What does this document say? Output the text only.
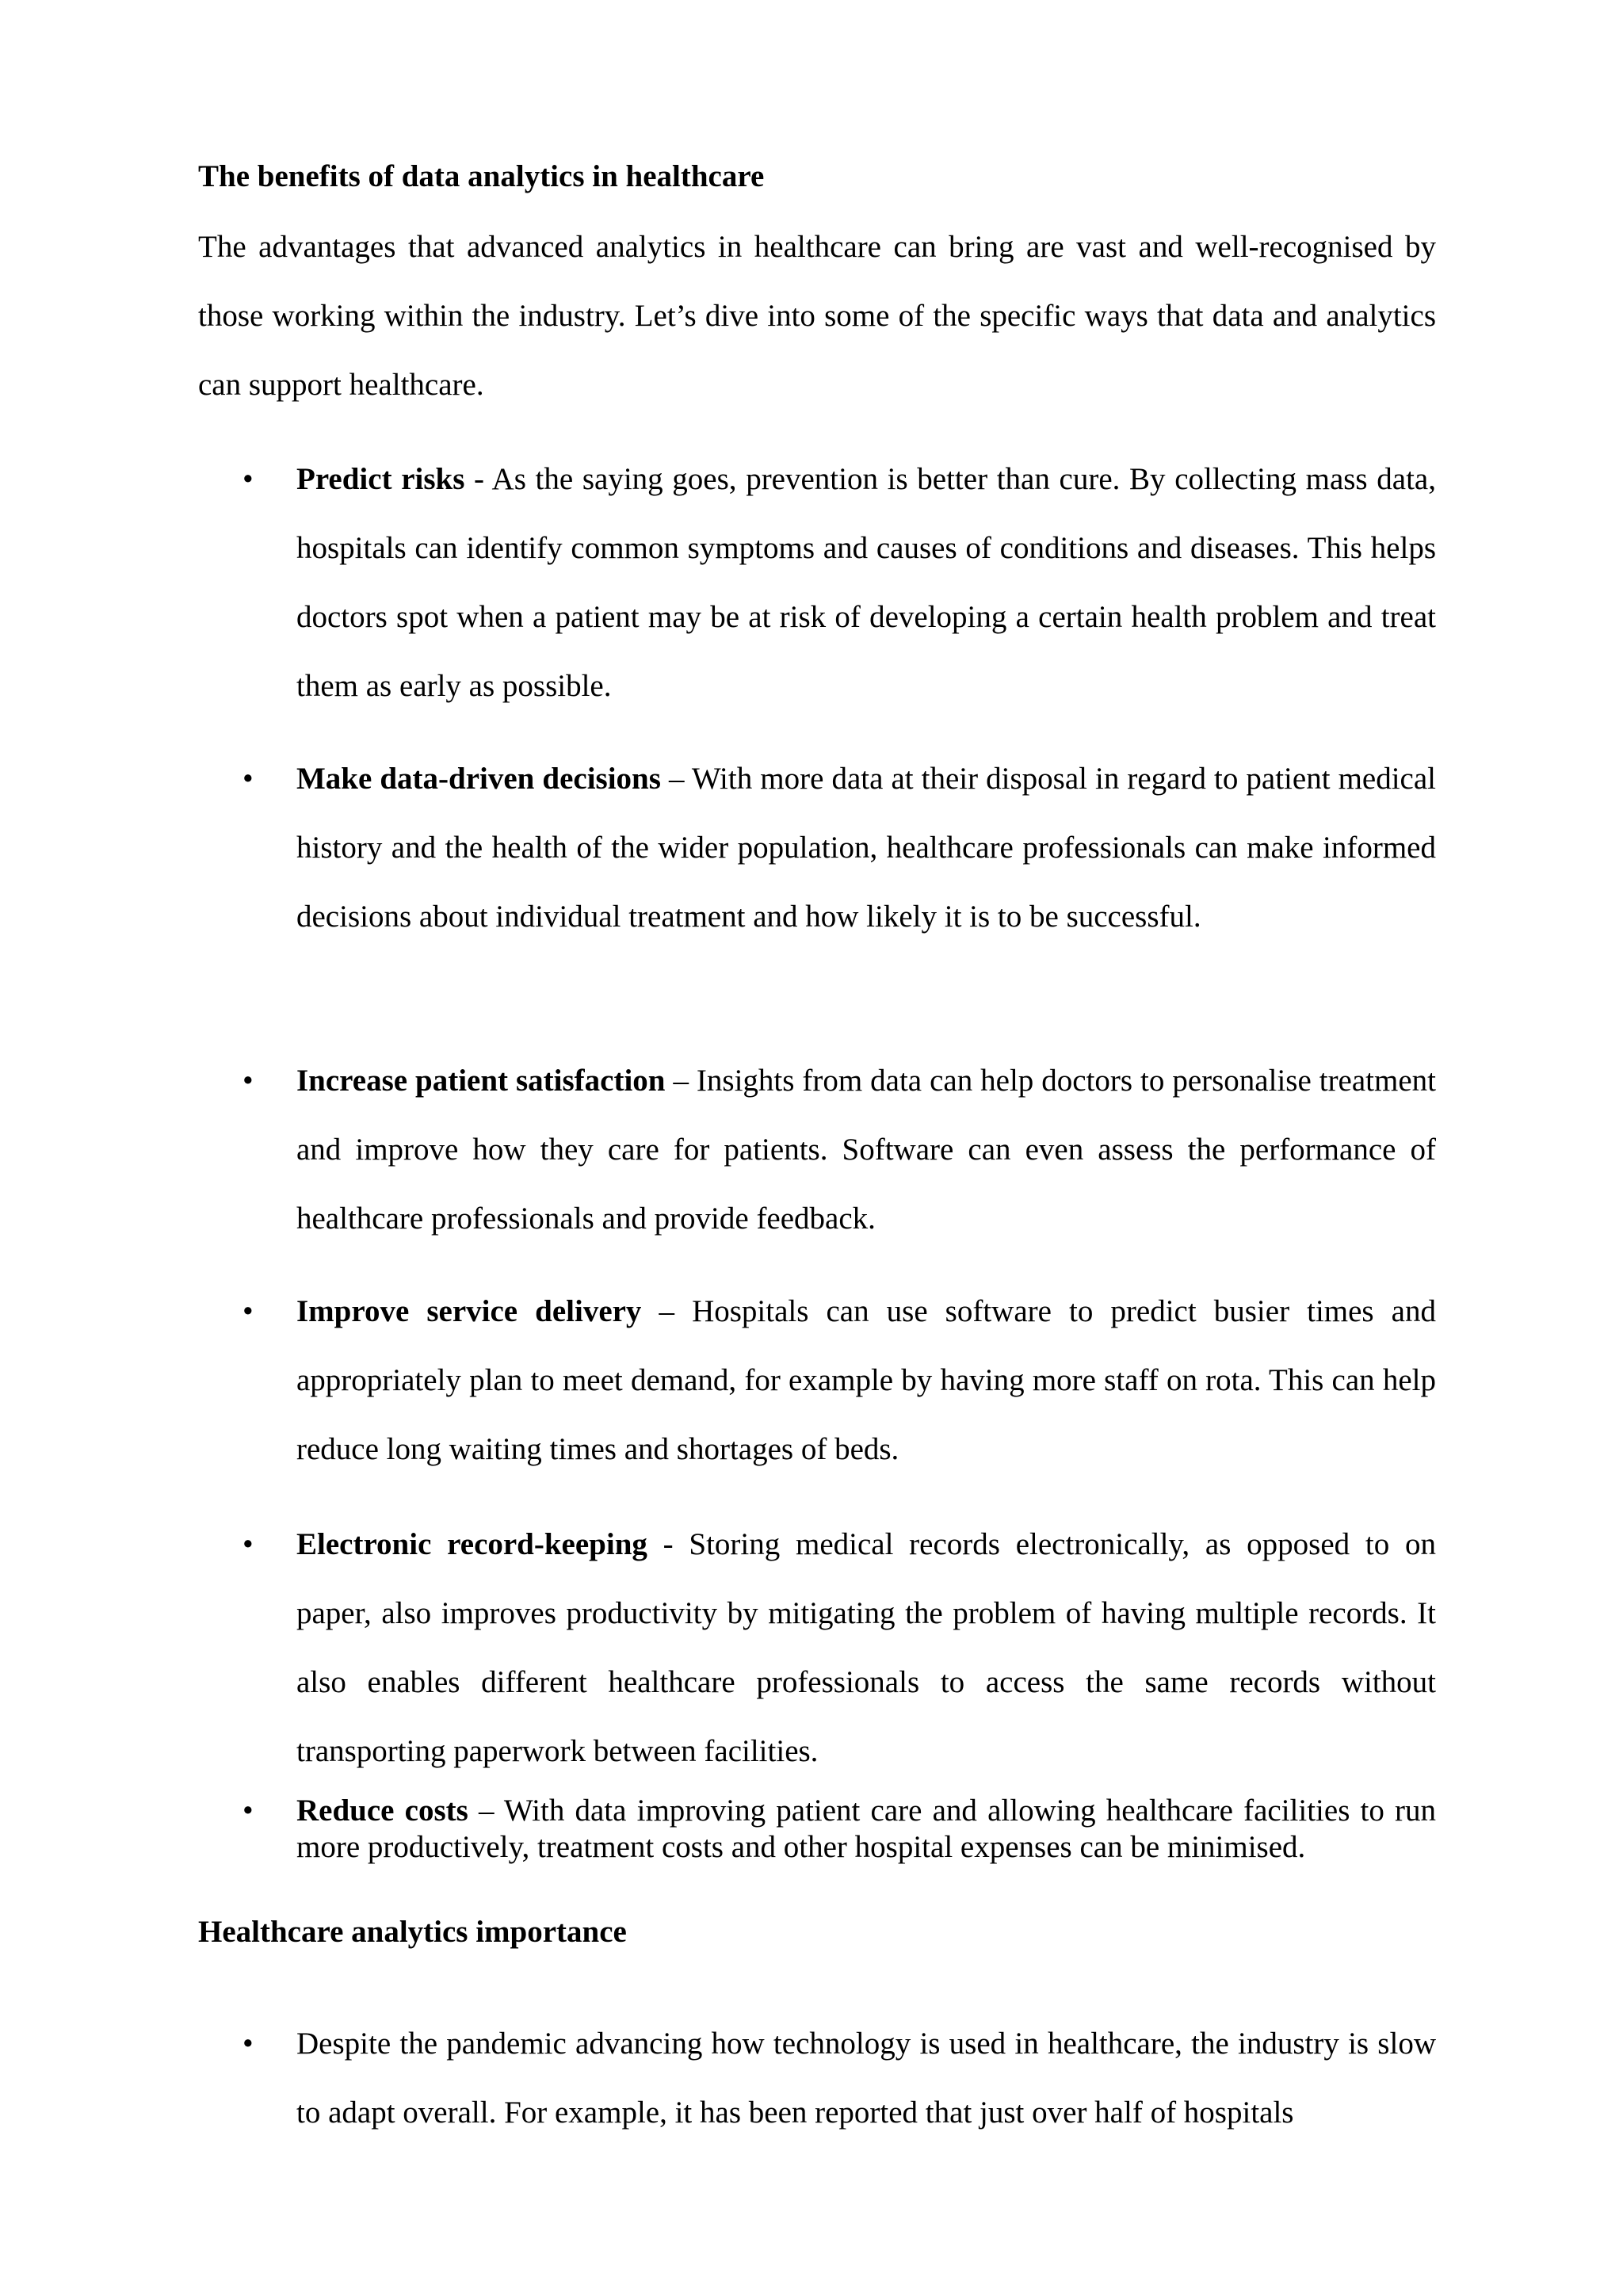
The benefits of data analytics in healthcare

The advantages that advanced analytics in healthcare can bring are vast and well-recognised by those working within the industry. Let’s dive into some of the specific ways that data and analytics can support healthcare.

• Predict risks - As the saying goes, prevention is better than cure. By collecting mass data, hospitals can identify common symptoms and causes of conditions and diseases. This helps doctors spot when a patient may be at risk of developing a certain health problem and treat them as early as possible.

• Make data-driven decisions – With more data at their disposal in regard to patient medical history and the health of the wider population, healthcare professionals can make informed decisions about individual treatment and how likely it is to be successful.

• Increase patient satisfaction – Insights from data can help doctors to personalise treatment and improve how they care for patients. Software can even assess the performance of healthcare professionals and provide feedback.

• Improve service delivery – Hospitals can use software to predict busier times and appropriately plan to meet demand, for example by having more staff on rota. This can help reduce long waiting times and shortages of beds.

• Electronic record-keeping - Storing medical records electronically, as opposed to on paper, also improves productivity by mitigating the problem of having multiple records. It also enables different healthcare professionals to access the same records without transporting paperwork between facilities.

• Reduce costs – With data improving patient care and allowing healthcare facilities to run more productively, treatment costs and other hospital expenses can be minimised.

Healthcare analytics importance
• Despite the pandemic advancing how technology is used in healthcare, the industry is slow to adapt overall. For example, it has been reported that just over half of hospitals
